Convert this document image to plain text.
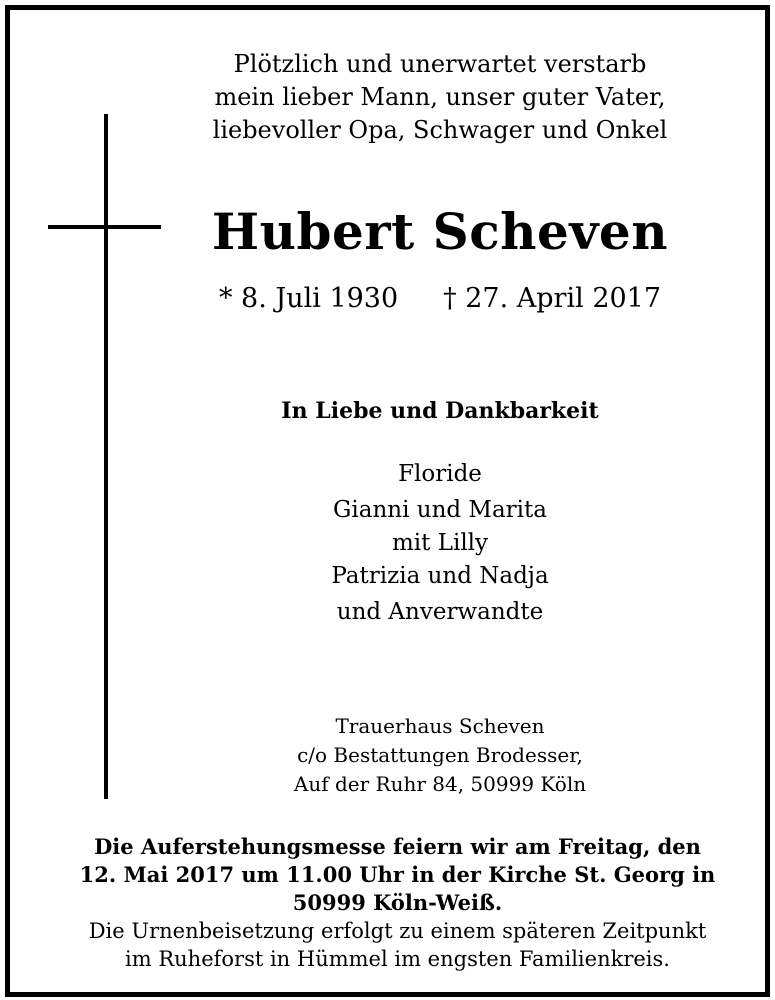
Plötzlich und unerwartet verstarb
mein lieber Mann, unser guter Vater,
liebevoller Opa, Schwager und Onkel
Hubert Scheven
* 8. Juli 1930 † 27. April 2017
In Liebe und Dankbarkeit
Floride
Gianni und Marita
mit Lilly
Patrizia und Nadja
und Anverwandte
Trauerhaus Scheven
c/o Bestattungen Brodesser,
Auf der Ruhr 84, 50999 Köln
Die Auferstehungsmesse feiern wir am Freitag, den
12. Mai 2017 um 11.00 Uhr in der Kirche St. Georg in
50999 Köln-Weiß.
Die Urnenbeisetzung erfolgt zu einem späteren Zeitpunkt
im Ruheforst in Hümmel im engsten Familienkreis.
